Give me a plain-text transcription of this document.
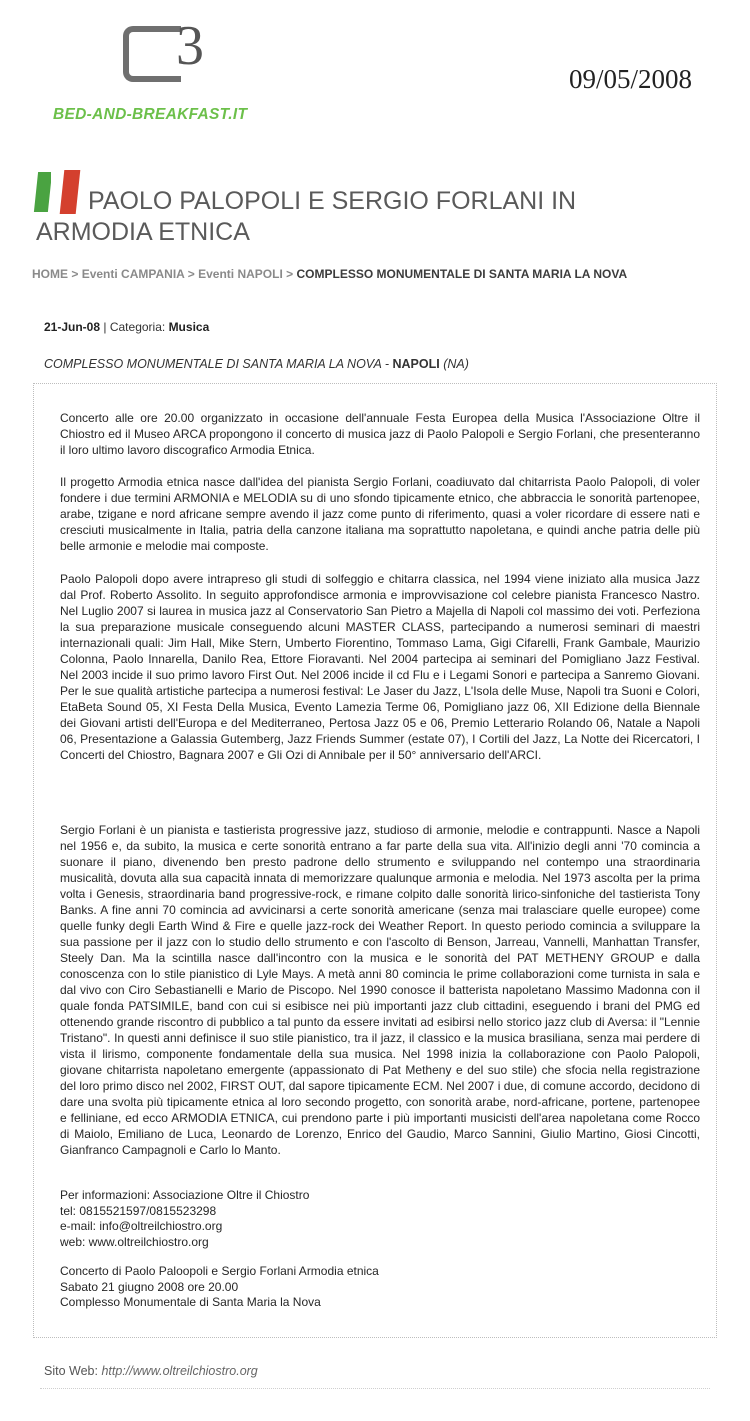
3
BED-AND-BREAKFAST.IT
09/05/2008
PAOLO PALOPOLI E SERGIO FORLANI IN ARMODIA ETNICA
HOME > Eventi CAMPANIA > Eventi NAPOLI > COMPLESSO MONUMENTALE DI SANTA MARIA LA NOVA
21-Jun-08 | Categoria: Musica
COMPLESSO MONUMENTALE DI SANTA MARIA LA NOVA - NAPOLI (NA)

Concerto alle ore 20.00 organizzato in occasione dell'annuale Festa Europea della Musica l'Associazione Oltre il Chiostro ed il Museo ARCA propongono il concerto di musica jazz di Paolo Palopoli e Sergio Forlani, che presenteranno il loro ultimo lavoro discografico Armodia Etnica.

Il progetto Armodia etnica nasce dall'idea del pianista Sergio Forlani, coadiuvato dal chitarrista Paolo Palopoli, di voler fondere i due termini ARMONIA e MELODIA su di uno sfondo tipicamente etnico, che abbraccia le sonorità partenopee, arabe, tzigane e nord africane sempre avendo il jazz come punto di riferimento, quasi a voler ricordare di essere nati e cresciuti musicalmente in Italia, patria della canzone italiana ma soprattutto napoletana, e quindi anche patria delle più belle armonie e melodie mai composte.

Paolo Palopoli dopo avere intrapreso gli studi di solfeggio e chitarra classica, nel 1994 viene iniziato alla musica Jazz dal Prof. Roberto Assolito. In seguito approfondisce armonia e improvvisazione col celebre pianista Francesco Nastro. Nel Luglio 2007 si laurea in musica jazz al Conservatorio San Pietro a Majella di Napoli col massimo dei voti. Perfeziona la sua preparazione musicale conseguendo alcuni MASTER CLASS, partecipando a numerosi seminari di maestri internazionali quali: Jim Hall, Mike Stern, Umberto Fiorentino, Tommaso Lama, Gigi Cifarelli, Frank Gambale, Maurizio Colonna, Paolo Innarella, Danilo Rea, Ettore Fioravanti. Nel 2004 partecipa ai seminari del Pomigliano Jazz Festival. Nel 2003 incide il suo primo lavoro First Out. Nel 2006 incide il cd Flu e i Legami Sonori e partecipa a Sanremo Giovani. Per le sue qualità artistiche partecipa a numerosi festival: Le Jaser du Jazz, L'Isola delle Muse, Napoli tra Suoni e Colori, EtaBeta Sound 05, XI Festa Della Musica, Evento Lamezia Terme 06, Pomigliano jazz 06, XII Edizione della Biennale dei Giovani artisti dell'Europa e del Mediterraneo, Pertosa Jazz 05 e 06, Premio Letterario Rolando 06, Natale a Napoli 06, Presentazione a Galassia Gutemberg, Jazz Friends Summer (estate 07), I Cortili del Jazz, La Notte dei Ricercatori, I Concerti del Chiostro, Bagnara 2007 e Gli Ozi di Annibale per il 50° anniversario dell'ARCI.

Sergio Forlani è un pianista e tastierista progressive jazz, studioso di armonie, melodie e contrappunti. Nasce a Napoli nel 1956 e, da subito, la musica e certe sonorità entrano a far parte della sua vita. All'inizio degli anni '70 comincia a suonare il piano, divenendo ben presto padrone dello strumento e sviluppando nel contempo una straordinaria musicalità, dovuta alla sua capacità innata di memorizzare qualunque armonia e melodia. Nel 1973 ascolta per la prima volta i Genesis, straordinaria band progressive-rock, e rimane colpito dalle sonorità lirico-sinfoniche del tastierista Tony Banks. A fine anni 70 comincia ad avvicinarsi a certe sonorità americane (senza mai tralasciare quelle europee) come quelle funky degli Earth Wind & Fire e quelle jazz-rock dei Weather Report. In questo periodo comincia a sviluppare la sua passione per il jazz con lo studio dello strumento e con l'ascolto di Benson, Jarreau, Vannelli, Manhattan Transfer, Steely Dan. Ma la scintilla nasce dall'incontro con la musica e le sonorità del PAT METHENY GROUP e dalla conoscenza con lo stile pianistico di Lyle Mays. A metà anni 80 comincia le prime collaborazioni come turnista in sala e dal vivo con Ciro Sebastianelli e Mario de Piscopo. Nel 1990 conosce il batterista napoletano Massimo Madonna con il quale fonda PATSIMILE, band con cui si esibisce nei più importanti jazz club cittadini, eseguendo i brani del PMG ed ottenendo grande riscontro di pubblico a tal punto da essere invitati ad esibirsi nello storico jazz club di Aversa: il "Lennie Tristano". In questi anni definisce il suo stile pianistico, tra il jazz, il classico e la musica brasiliana, senza mai perdere di vista il lirismo, componente fondamentale della sua musica. Nel 1998 inizia la collaborazione con Paolo Palopoli, giovane chitarrista napoletano emergente (appassionato di Pat Metheny e del suo stile) che sfocia nella registrazione del loro primo disco nel 2002, FIRST OUT, dal sapore tipicamente ECM. Nel 2007 i due, di comune accordo, decidono di dare una svolta più tipicamente etnica al loro secondo progetto, con sonorità arabe, nord-africane, portene, partenopee e felliniane, ed ecco ARMODIA ETNICA, cui prendono parte i più importanti musicisti dell'area napoletana come Rocco di Maiolo, Emiliano de Luca, Leonardo de Lorenzo, Enrico del Gaudio, Marco Sannini, Giulio Martino, Giosi Cincotti, Gianfranco Campagnoli e Carlo lo Manto.

Per informazioni: Associazione Oltre il Chiostro
tel: 0815521597/0815523298
e-mail: info@oltreilchiostro.org
web: www.oltreilchiostro.org
Concerto di Paolo Paloopoli e Sergio Forlani Armodia etnica
Sabato 21 giugno 2008 ore 20.00
Complesso Monumentale di Santa Maria la Nova
Sito Web: http://www.oltreilchiostro.org
